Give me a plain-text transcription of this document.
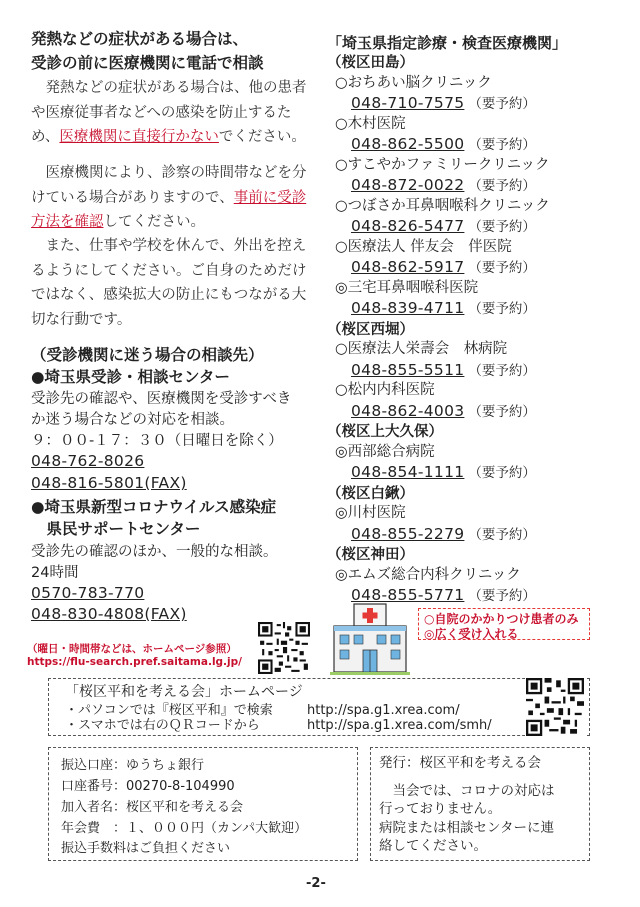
発熱などの症状がある場合は、
受診の前に医療機関に電話で相談

　発熱などの症状がある場合は、他の患者や医療従事者などへの感染を防止するため、医療機関に直接行かないでください。

　医療機関により、診察の時間帯などを分けている場合がありますので、事前に受診方法を確認してください。

　また、仕事や学校を休んで、外出を控えるようにしてください。ご自身のためだけではなく、感染拡大の防止にもつながる大切な行動です。

（受診機関に迷う場合の相談先）
●埼玉県受診・相談センター
受診先の確認や、医療機関を受診すべき
か迷う場合などの対応を相談。
９：００-１７：３０（日曜日を除く）
048-762-8026
048-816-5801(FAX)
●埼玉県新型コロナウイルス感染症
　県民サポートセンター
受診先の確認のほか、一般的な相談。
24時間
0570-783-770
048-830-4808(FAX)
（曜日・時間帯などは、ホームページ参照）
https://flu-search.pref.saitama.lg.jp/
「埼玉県指定診療・検査医療機関」
（桜区田島）
○おちあい脳クリニック
048-710-7575 （要予約）
○木村医院
048-862-5500 （要予約）
○すこやかファミリークリニック
048-872-0022 （要予約）
○つぼさか耳鼻咽喉科クリニック
048-826-5477 （要予約）
○医療法人 伴友会　伴医院
048-862-5917 （要予約）
◎三宅耳鼻咽喉科医院
048-839-4711 （要予約）
（桜区西堀）
○医療法人栄壽会　林病院
048-855-5511 （要予約）
○松内内科医院
048-862-4003 （要予約）
（桜区上大久保）
◎西部総合病院
048-854-1111 （要予約）
（桜区白鍬）
◎川村医院
048-855-2279 （要予約）
（桜区神田）
◎エムズ総合内科クリニック
048-855-5771 （要予約）
○自院のかかりつけ患者のみ
◎広く受け入れる
「桜区平和を考える会」ホームページ
・パソコンでは『桜区平和』で検索	http://spa.g1.xrea.com/
・スマホでは右のＱＲコードから	http://spa.g1.xrea.com/smh/
振込口座：ゆうちょ銀行
口座番号：00270-8-104990
加入者名：桜区平和を考える会
年会費　：１、０００円（カンパ大歓迎）
振込手数料はご負担ください
発行：桜区平和を考える会
　当会では、コロナの対応は
行っておりません。
病院または相談センターに連
絡してください。
-2-
